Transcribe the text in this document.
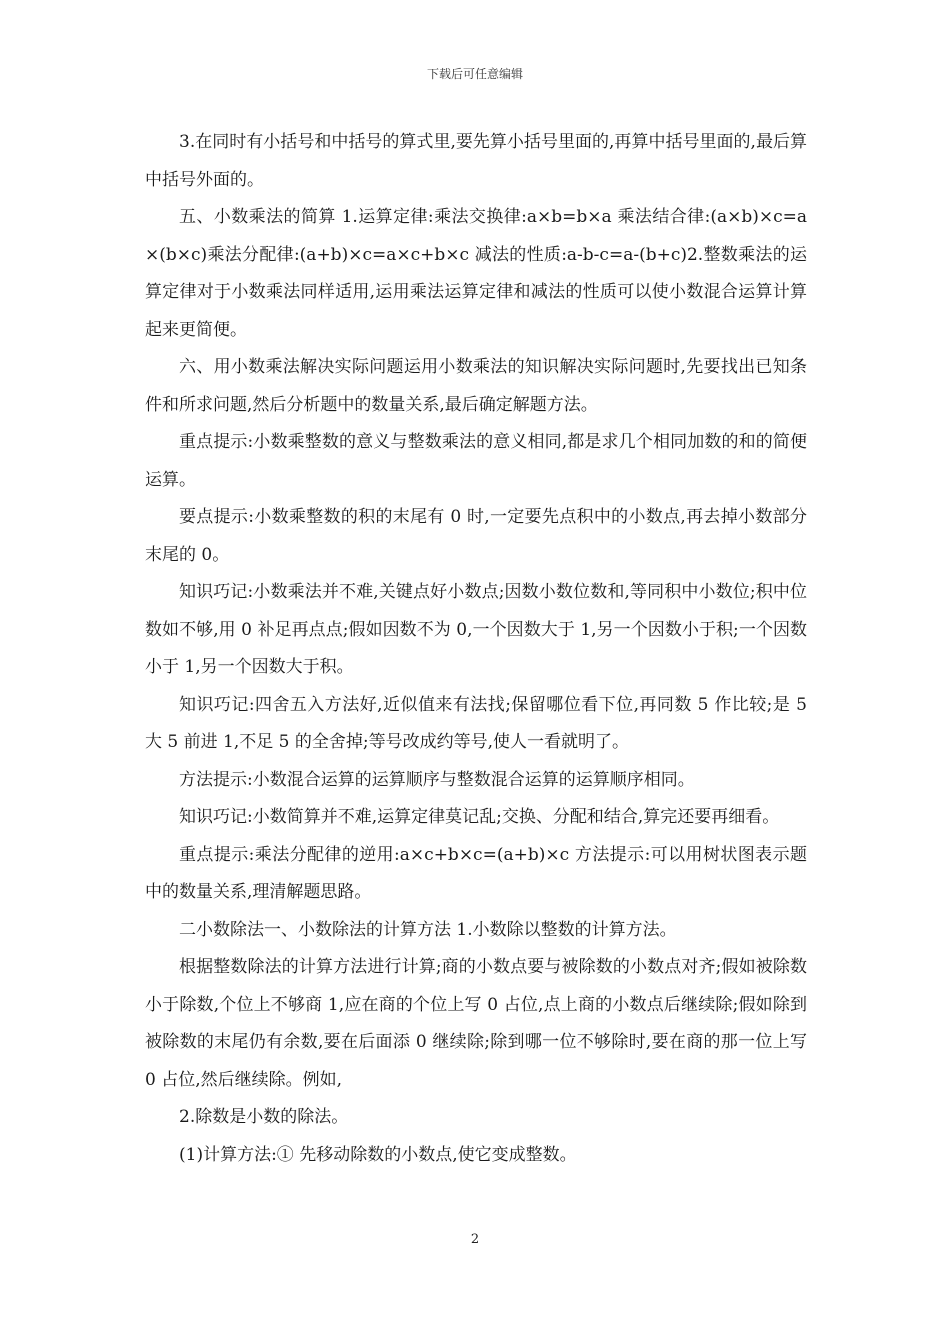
下载后可任意编辑

3.在同时有小括号和中括号的算式里,要先算小括号里面的,再算中括号里面的,最后算中括号外面的。

五、小数乘法的简算 1.运算定律:乘法交换律:a×b=b×a 乘法结合律:(a×b)×c=a×(b×c)乘法分配律:(a+b)×c=a×c+b×c 减法的性质:a-b-c=a-(b+c)2.整数乘法的运算定律对于小数乘法同样适用,运用乘法运算定律和减法的性质可以使小数混合运算计算起来更简便。

六、用小数乘法解决实际问题运用小数乘法的知识解决实际问题时,先要找出已知条件和所求问题,然后分析题中的数量关系,最后确定解题方法。

重点提示:小数乘整数的意义与整数乘法的意义相同,都是求几个相同加数的和的简便运算。

要点提示:小数乘整数的积的末尾有 0 时,一定要先点积中的小数点,再去掉小数部分末尾的 0。

知识巧记:小数乘法并不难,关键点好小数点;因数小数位数和,等同积中小数位;积中位数如不够,用 0 补足再点点;假如因数不为 0,一个因数大于 1,另一个因数小于积;一个因数小于 1,另一个因数大于积。

知识巧记:四舍五入方法好,近似值来有法找;保留哪位看下位,再同数 5 作比较;是 5 大 5 前进 1,不足 5 的全舍掉;等号改成约等号,使人一看就明了。

方法提示:小数混合运算的运算顺序与整数混合运算的运算顺序相同。

知识巧记:小数简算并不难,运算定律莫记乱;交换、分配和结合,算完还要再细看。

重点提示:乘法分配律的逆用:a×c+b×c=(a+b)×c 方法提示:可以用树状图表示题中的数量关系,理清解题思路。

二小数除法一、小数除法的计算方法 1.小数除以整数的计算方法。

根据整数除法的计算方法进行计算;商的小数点要与被除数的小数点对齐;假如被除数小于除数,个位上不够商 1,应在商的个位上写 0 占位,点上商的小数点后继续除;假如除到被除数的末尾仍有余数,要在后面添 0 继续除;除到哪一位不够除时,要在商的那一位上写 0 占位,然后继续除。例如,

2.除数是小数的除法。

(1)计算方法:① 先移动除数的小数点,使它变成整数。

2
